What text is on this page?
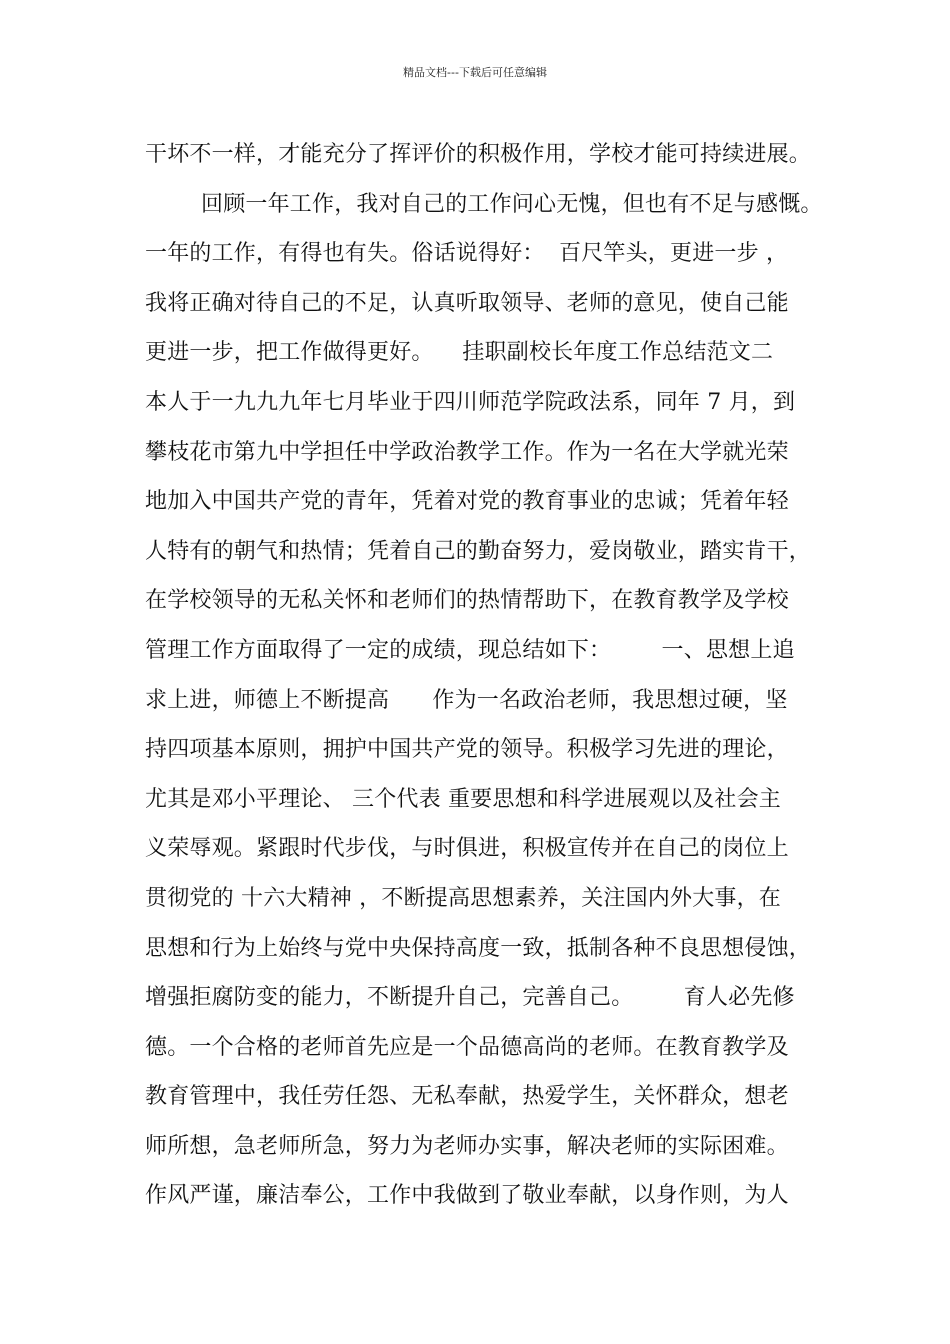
精品文档---下载后可任意编辑
干坏不一样，才能充分了挥评价的积极作用，学校才能可持续进展。
回顾一年工作，我对自己的工作问心无愧，但也有不足与感慨。
一年的工作，有得也有失。俗话说得好：  百尺竿头，更进一步 ，
我将正确对待自己的不足，认真听取领导、老师的意见，使自己能
更进一步，把工作做得更好。    挂职副校长年度工作总结范文二
本人于一九九九年七月毕业于四川师范学院政法系，同年 7 月，到
攀枝花市第九中学担任中学政治教学工作。作为一名在大学就光荣
地加入中国共产党的青年，凭着对党的教育事业的忠诚；凭着年轻
人特有的朝气和热情；凭着自己的勤奋努力，爱岗敬业，踏实肯干，
在学校领导的无私关怀和老师们的热情帮助下，在教育教学及学校
管理工作方面取得了一定的成绩，现总结如下：       一、思想上追
求上进，师德上不断提高      作为一名政治老师，我思想过硬，坚
持四项基本原则，拥护中国共产党的领导。积极学习先进的理论，
尤其是邓小平理论、 三个代表 重要思想和科学进展观以及社会主
义荣辱观。紧跟时代步伐，与时俱进，积极宣传并在自己的岗位上
贯彻党的 十六大精神 ，不断提高思想素养，关注国内外大事，在
思想和行为上始终与党中央保持高度一致，抵制各种不良思想侵蚀，
增强拒腐防变的能力，不断提升自己，完善自己。       育人必先修
德。一个合格的老师首先应是一个品德高尚的老师。在教育教学及
教育管理中，我任劳任怨、无私奉献，热爱学生，关怀群众，想老
师所想，急老师所急，努力为老师办实事，解决老师的实际困难。
作风严谨，廉洁奉公，工作中我做到了敬业奉献，以身作则，为人
